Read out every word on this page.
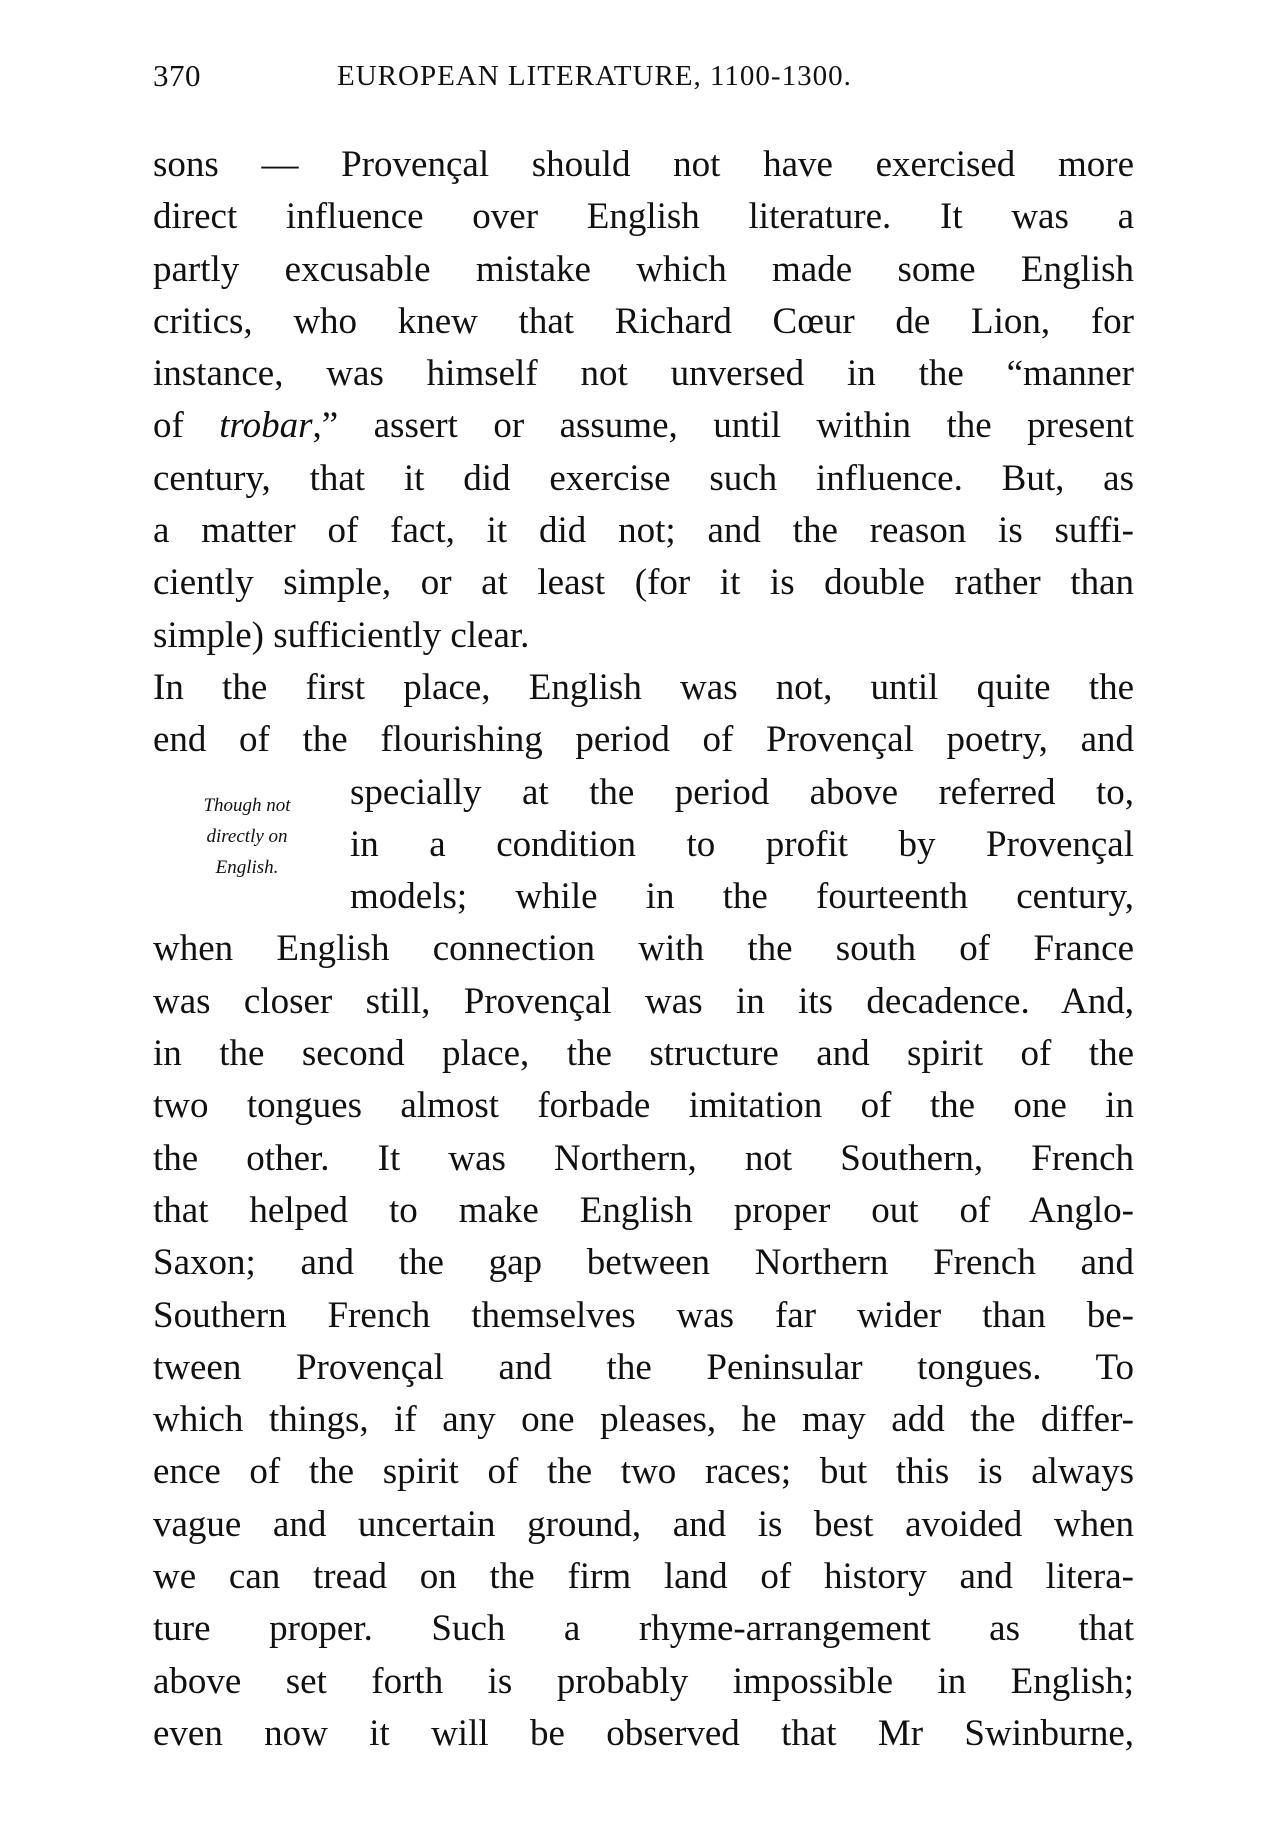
370	EUROPEAN LITERATURE, 1100-1300.
Though not
directly on
English.
sons — Provençal should not have exercised more
direct influence over English literature. It was a
partly excusable mistake which made some English
critics, who knew that Richard Cœur de Lion, for
instance, was himself not unversed in the “manner
of trobar,” assert or assume, until within the present
century, that it did exercise such influence. But, as
a matter of fact, it did not; and the reason is suffi-
ciently simple, or at least (for it is double rather than
simple) sufficiently clear.
In the first place, English was not, until quite the
end of the flourishing period of Provençal poetry, and
specially at the period above referred to,
in a condition to profit by Provençal
models; while in the fourteenth century,
when English connection with the south of France
was closer still, Provençal was in its decadence. And,
in the second place, the structure and spirit of the
two tongues almost forbade imitation of the one in
the other. It was Northern, not Southern, French
that helped to make English proper out of Anglo-
Saxon; and the gap between Northern French and
Southern French themselves was far wider than be-
tween Provençal and the Peninsular tongues. To
which things, if any one pleases, he may add the differ-
ence of the spirit of the two races; but this is always
vague and uncertain ground, and is best avoided when
we can tread on the firm land of history and litera-
ture proper. Such a rhyme-arrangement as that
above set forth is probably impossible in English;
even now it will be observed that Mr Swinburne,
